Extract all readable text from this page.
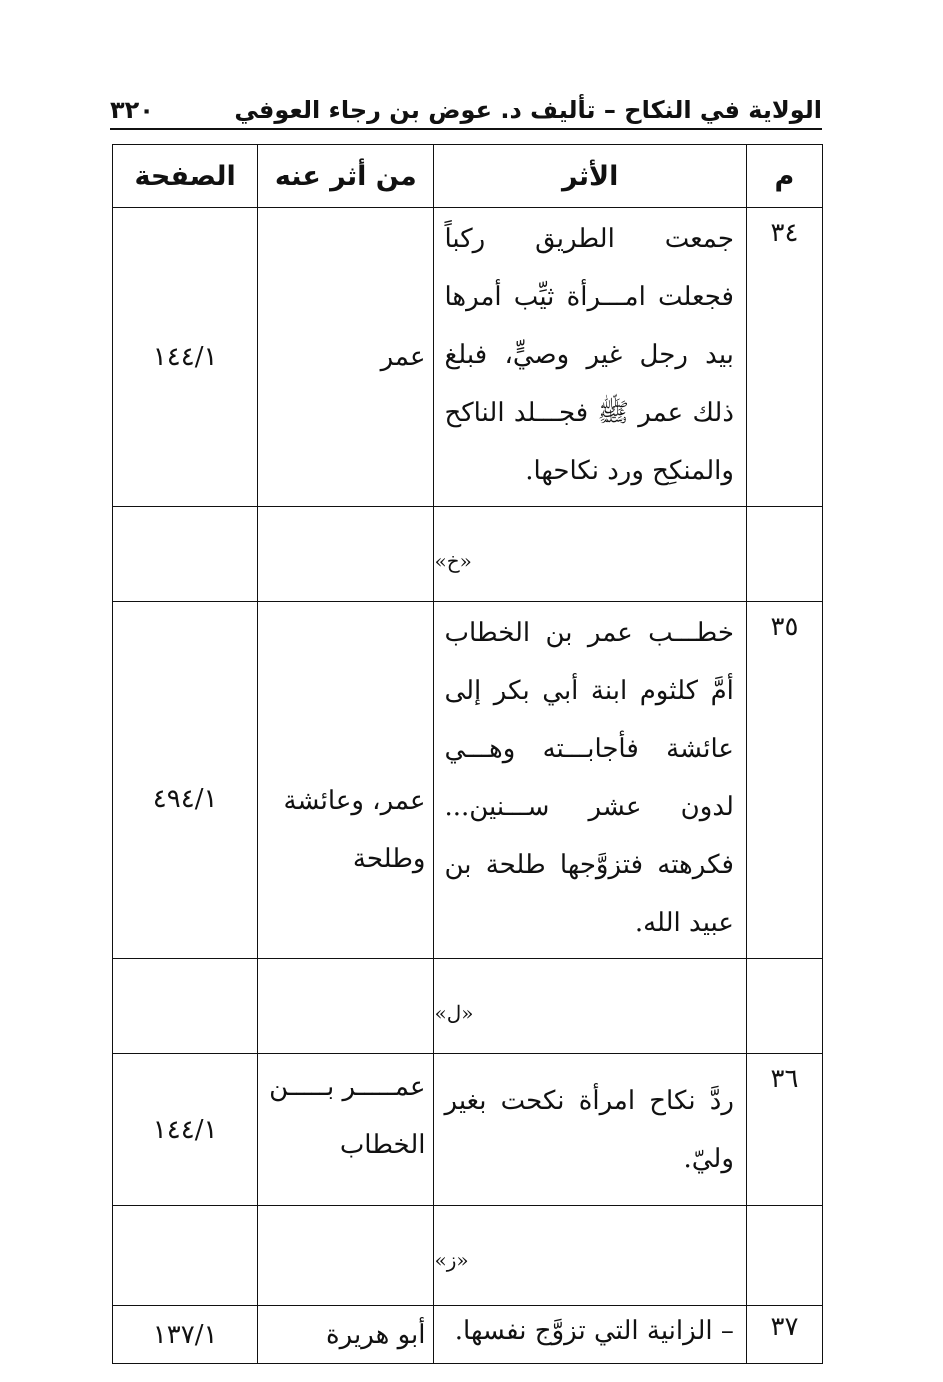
الولاية في النكاح – تأليف د. عوض بن رجاء العوفي
٣٢٠
م	الأثر	من أثر عنه	الصفحة
٣٤	جمعت الطريق ركباً فجعلت امـــرأة ثيِّب أمرها بيد رجل غير وصيٍّ، فبلغ ذلك عمر ﷺ فجـــلد الناكح والمنكِح ورد نكاحها.	عمر	١٤٤/١

	«خ»		

٣٥	خطـــب عمر بن الخطاب أمَّ كلثوم ابنة أبي بكر إلى عائشة فأجابـــته وهـــي لدون عشر ســـنين... فكرهته فتزوَّجها طلحة بن عبيد الله.	عمر، وعائشة وطلحة	٤٩٤/١

	«ل»		

٣٦	ردَّ نكاح امرأة نكحت بغير وليّ.	عمـــــر بـــــن الخطاب	١٤٤/١

	«ز»		

٣٧	– الزانية التي تزوَّج نفسها.	أبو هريرة	١٣٧/١
